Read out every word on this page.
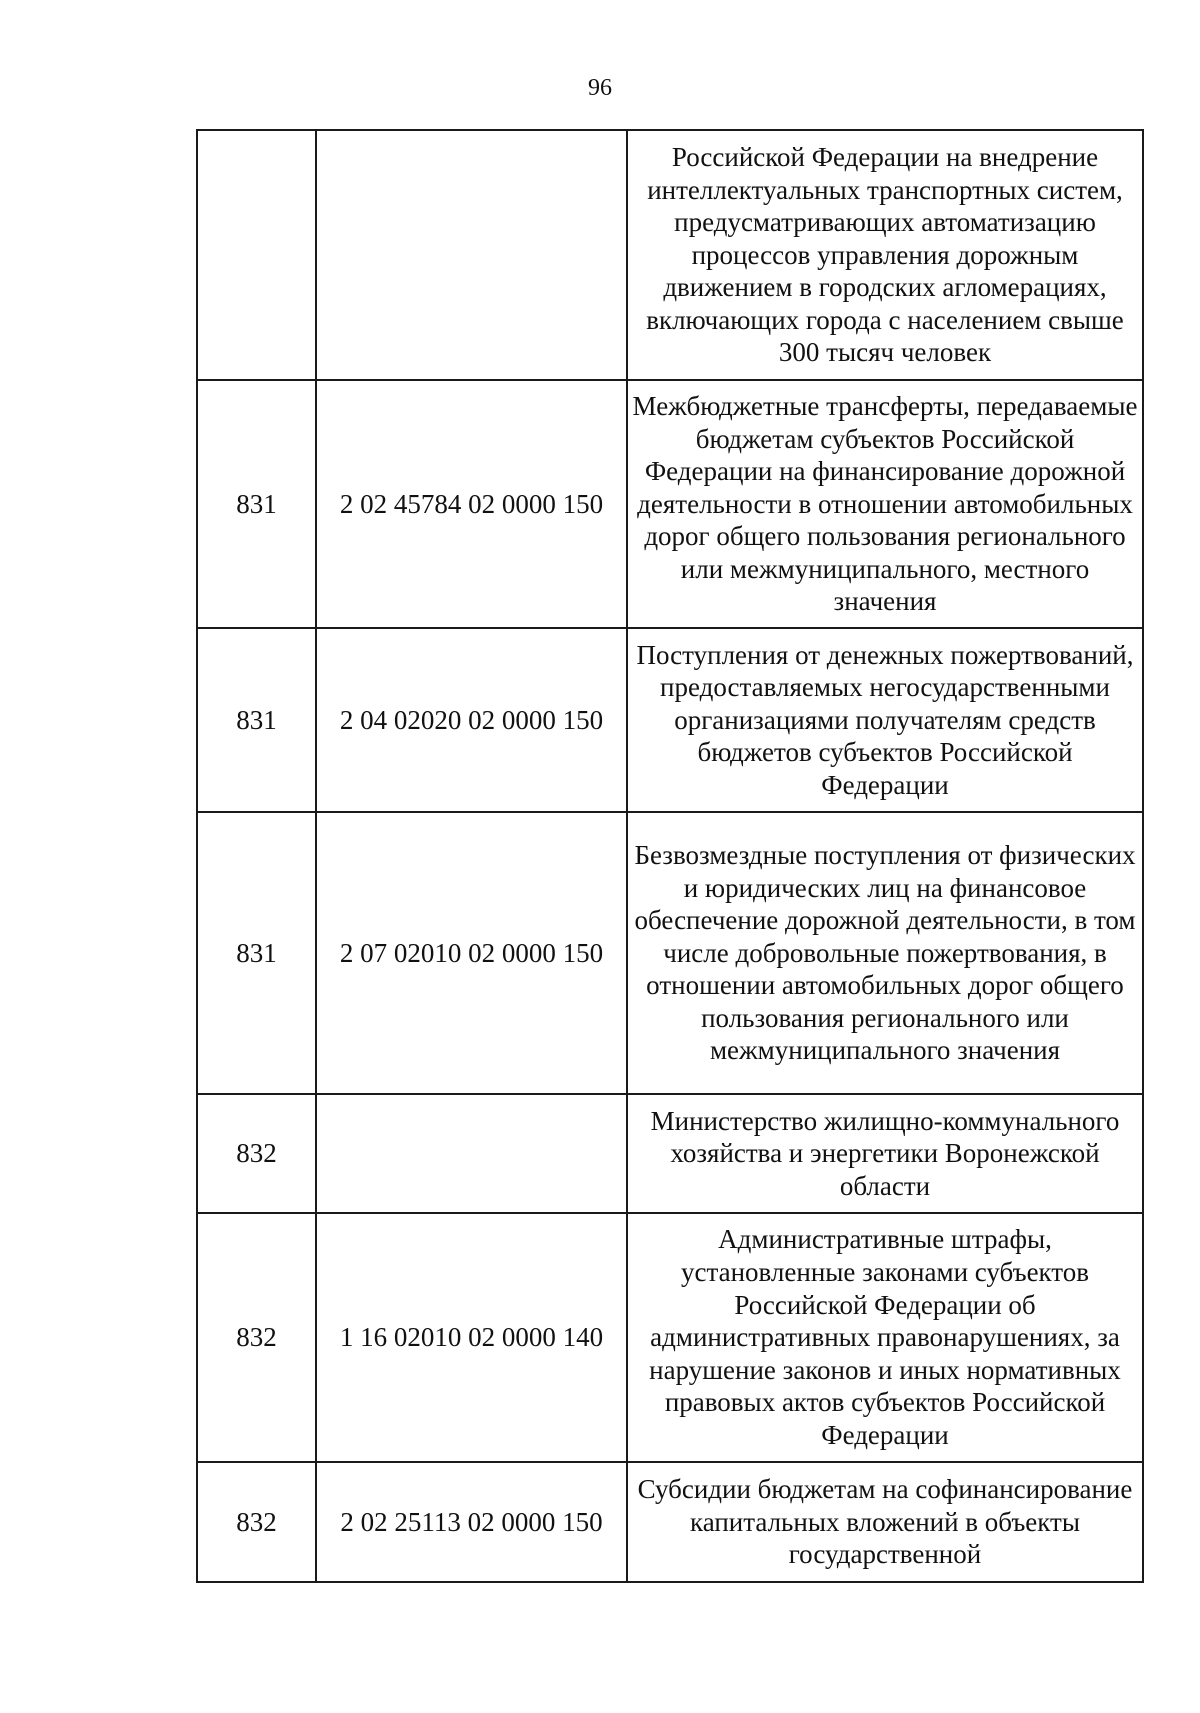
96
		Российской Федерации на внедрение интеллектуальных транспортных систем, предусматривающих автоматизацию процессов управления дорожным движением в городских агломерациях, включающих города с населением свыше 300 тысяч человек
831	2 02 45784 02 0000 150	Межбюджетные трансферты, передаваемые бюджетам субъектов Российской Федерации на финансирование дорожной деятельности в отношении автомобильных дорог общего пользования регионального или межмуниципального, местного значения
831	2 04 02020 02 0000 150	Поступления от денежных пожертвований, предоставляемых негосударственными организациями получателям средств бюджетов субъектов Российской Федерации
831	2 07 02010 02 0000 150	Безвозмездные поступления от физических и юридических лиц на финансовое обеспечение дорожной деятельности, в том числе добровольные пожертвования, в отношении автомобильных дорог общего пользования регионального или межмуниципального значения
832		Министерство жилищно-коммунального хозяйства и энергетики Воронежской области
832	1 16 02010 02 0000 140	Административные штрафы, установленные законами субъектов Российской Федерации об административных правонарушениях, за нарушение законов и иных нормативных правовых актов субъектов Российской Федерации
832	2 02 25113 02 0000 150	Субсидии бюджетам на софинансирование капитальных вложений в объекты государственной
